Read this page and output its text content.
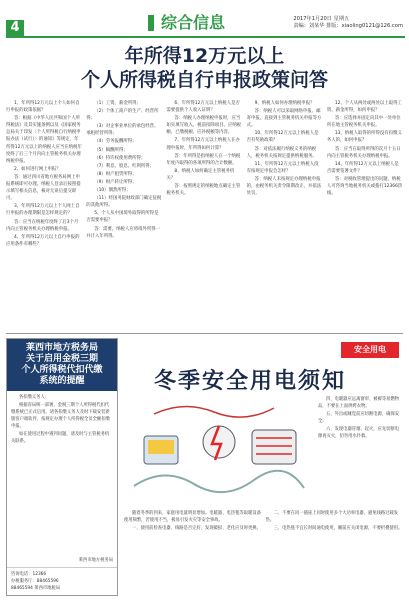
4	综合信息	2017年1月20日 星期五
责编：刘某华 排版：xiaoling0121@126.com
年所得12万元以上
个人所得税自行申报政策问答

1、年所得12万元以上个人如何自行申报的政策依据？

答：根据《中华人民共和国个人所得税法》及其实施条例以及《国家税务总局关于印发〈个人所得税自行纳税申报办法（试行）〉的通知》等规定，年所得12万元以上的纳税人应当在纳税年度终了后三个月内向主管税务机关办理纳税申报。

2、如何进行网上申报？

答：通过四川省地方税务局网上申报系统即可办理。纳税人登录后按照提示填写相关信息，核对无误后提交即可。

3、年所得12万元以上个人网上自行申报的办理期限是怎样规定的？

答：应当在纳税年度终了后3个月内向主管税务机关办理纳税申报。

4、年所得12万元以上自行申报的应用条件有哪些？

（1）工资、薪金所得；

（2）个体工商户的生产、经营所得；

（3）对企事业单位的承包经营、承租经营所得；

（4）劳务报酬所得；

（5）稿酬所得；

（6）特许权使用费所得；

（7）利息、股息、红利所得；

（8）财产租赁所得；

（9）财产转让所得；

（10）偶然所得；

（11）经国务院财政部门确定征税的其他所得。

5、个人从中国境外取得的所得是否需要申报？

答：需要。纳税人应将境外所得一并计入年所得。

6、年所得12万元以上纳税人是否需要提供个人收入证明？

答：纳税人办理纳税申报时，应当如实填写收入、税前扣除项目、应纳税额、已缴税额、应补税额等内容。

7、年所得12万元以上纳税人在办理申报时，年所得如何计算？

答：年所得是指纳税人在一个纳税年度内取得的各项所得的合计数额。

8、纳税人如何确定主管税务机关？

答：按照规定的纳税地点确定主管税务机关。

9、纳税人如何办理纳税申报？

答：纳税人可以采取网络申报、邮寄申报、直接到主管税务机关申报等方式。

10、年所得12万元以上纳税人是否有奖励政策？

答：对依法履行纳税义务的纳税人，税务机关按规定提供纳税服务。

11、年所得12万元以上纳税人没有按规定申报会怎样？

答：纳税人未按规定办理纳税申报的，由税务机关责令限期改正，并依法处罚。

12、个人从两处或两处以上取得工资、薪金所得，如何申报？

答：应选择并固定向其中一处单位所在地主管税务机关申报。

13、纳税人取得的所得没有扣缴义务人的，如何申报？

答：应当在取得所得的次月十五日内向主管税务机关办理纳税申报。

14、年所得12万元以上纳税人是否需要签署文件？

答：对税收管理提出的问题，纳税人可咨询当地税务机关或拨打12366热线。

莱西市地方税务局
关于启用金税三期
个人所得税代扣代缴
系统的提醒

各扣缴义务人：

根据省局统一部署，金税三期个人所得税代扣代缴系统已正式启用。请各扣缴义务人及时下载安装新版客户端软件，按规定办理个人所得税全员全额扣缴申报。

如在使用过程中遇到问题，请及时与主管税务机关联系。

莱西市地方税务局
咨询电话：12366
办税服务厅：88465596
88465594 莱西市地税局
安全用电
冬季安全用电须知

四、电暖器应远离窗帘、被褥等易燃物品，不要在上面烘烤衣物。

五、外出或睡觉前应切断电源，确保安全。

六、发现电器冒烟、起火，应先切断电源再灭火，切勿用水扑救。

随着冬季的到来，家庭用电量明显增加。电暖器、电热毯等取暖设备使用频繁，若使用不当，极易引发火灾等安全事故。

一、使用前检查电器、线路是否完好，发现破损、老化应及时更换。

二、不要在同一插座上同时使用多个大功率电器，避免线路过载发热。

三、电热毯不宜长时间通电使用，睡前应关闭电源，不要折叠使用。
